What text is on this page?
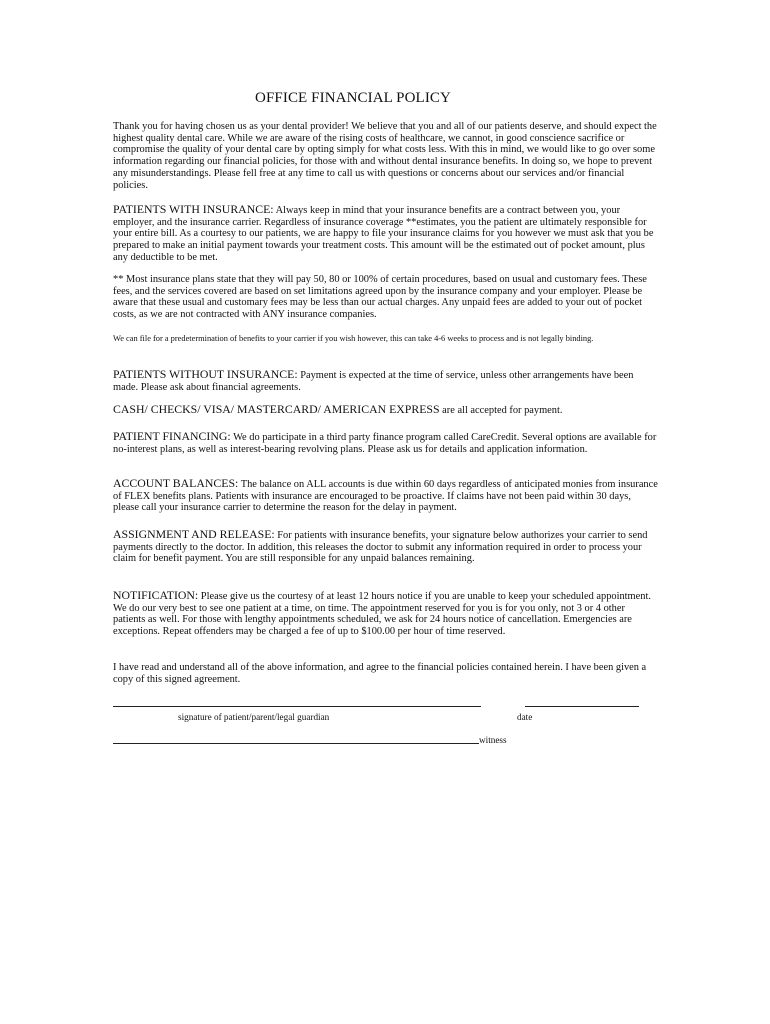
OFFICE FINANCIAL POLICY

Thank you for having chosen us as your dental provider! We believe that you and all of our patients deserve, and should expect the highest quality dental care. While we are aware of the rising costs of healthcare, we cannot, in good conscience sacrifice or compromise the quality of your dental care by opting simply for what costs less. With this in mind, we would like to go over some information regarding our financial policies, for those with and without dental insurance benefits. In doing so, we hope to prevent any misunderstandings. Please fell free at any time to call us with questions or concerns about our services and/or financial policies.

PATIENTS WITH INSURANCE: Always keep in mind that your insurance benefits are a contract between you, your employer, and the insurance carrier. Regardless of insurance coverage **estimates, you the patient are ultimately responsible for your entire bill. As a courtesy to our patients, we are happy to file your insurance claims for you however we must ask that you be prepared to make an initial payment towards your treatment costs. This amount will be the estimated out of pocket amount, plus any deductible to be met.

** Most insurance plans state that they will pay 50, 80 or 100% of certain procedures, based on usual and customary fees. These fees, and the services covered are based on set limitations agreed upon by the insurance company and your employer. Please be aware that these usual and customary fees may be less than our actual charges. Any unpaid fees are added to your out of pocket costs, as we are not contracted with ANY insurance companies.

We can file for a predetermination of benefits to your carrier if you wish however, this can take 4-6 weeks to process and is not legally binding.

PATIENTS WITHOUT INSURANCE: Payment is expected at the time of service, unless other arrangements have been made. Please ask about financial agreements.

CASH/ CHECKS/ VISA/ MASTERCARD/ AMERICAN EXPRESS are all accepted for payment.

PATIENT FINANCING: We do participate in a third party finance program called CareCredit. Several options are available for no-interest plans, as well as interest-bearing revolving plans. Please ask us for details and application information.

ACCOUNT BALANCES: The balance on ALL accounts is due within 60 days regardless of anticipated monies from insurance of FLEX benefits plans. Patients with insurance are encouraged to be proactive. If claims have not been paid within 30 days, please call your insurance carrier to determine the reason for the delay in payment.

ASSIGNMENT AND RELEASE: For patients with insurance benefits, your signature below authorizes your carrier to send payments directly to the doctor. In addition, this releases the doctor to submit any information required in order to process your claim for benefit payment. You are still responsible for any unpaid balances remaining.

NOTIFICATION: Please give us the courtesy of at least 12 hours notice if you are unable to keep your scheduled appointment. We do our very best to see one patient at a time, on time. The appointment reserved for you is for you only, not 3 or 4 other patients as well. For those with lengthy appointments scheduled, we ask for 24 hours notice of cancellation. Emergencies are exceptions. Repeat offenders may be charged a fee of up to $100.00 per hour of time reserved.

I have read and understand all of the above information, and agree to the financial policies contained herein. I have been given a copy of this signed agreement.

signature of patient/parent/legal guardian	date
witness
